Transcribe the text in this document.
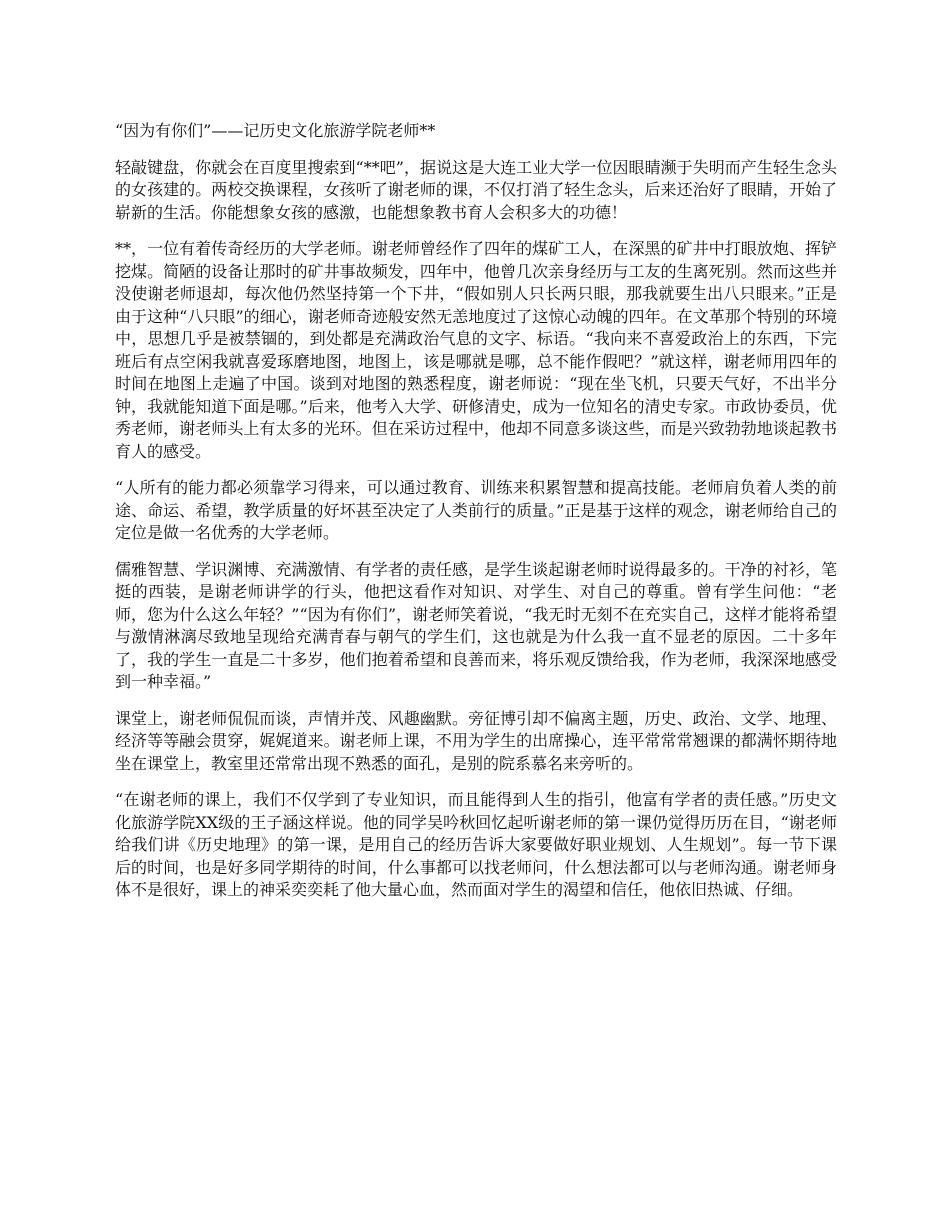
“因为有你们”——记历史文化旅游学院老师**

轻敲键盘，你就会在百度里搜索到“**吧”，据说这是大连工业大学一位因眼睛濒于失明而产生轻生念头的女孩建的。两校交换课程，女孩听了谢老师的课，不仅打消了轻生念头，后来还治好了眼睛，开始了崭新的生活。你能想象女孩的感激，也能想象教书育人会积多大的功德！

**，一位有着传奇经历的大学老师。谢老师曾经作了四年的煤矿工人，在深黑的矿井中打眼放炮、挥铲挖煤。简陋的设备让那时的矿井事故频发，四年中，他曾几次亲身经历与工友的生离死别。然而这些并没使谢老师退却，每次他仍然坚持第一个下井，“假如别人只长两只眼，那我就要生出八只眼来。”正是由于这种“八只眼”的细心，谢老师奇迹般安然无恙地度过了这惊心动魄的四年。在文革那个特别的环境中，思想几乎是被禁锢的，到处都是充满政治气息的文字、标语。“我向来不喜爱政治上的东西，下完班后有点空闲我就喜爱琢磨地图，地图上，该是哪就是哪，总不能作假吧？”就这样，谢老师用四年的时间在地图上走遍了中国。谈到对地图的熟悉程度，谢老师说：“现在坐飞机，只要天气好，不出半分钟，我就能知道下面是哪。”后来，他考入大学、研修清史，成为一位知名的清史专家。市政协委员，优秀老师，谢老师头上有太多的光环。但在采访过程中，他却不同意多谈这些，而是兴致勃勃地谈起教书育人的感受。

“人所有的能力都必须靠学习得来，可以通过教育、训练来积累智慧和提高技能。老师肩负着人类的前途、命运、希望，教学质量的好坏甚至决定了人类前行的质量。”正是基于这样的观念，谢老师给自己的定位是做一名优秀的大学老师。

儒雅智慧、学识渊博、充满激情、有学者的责任感，是学生谈起谢老师时说得最多的。干净的衬衫，笔挺的西装，是谢老师讲学的行头，他把这看作对知识、对学生、对自己的尊重。曾有学生问他：“老师，您为什么这么年轻？”“因为有你们”，谢老师笑着说，“我无时无刻不在充实自己，这样才能将希望与激情淋漓尽致地呈现给充满青春与朝气的学生们，这也就是为什么我一直不显老的原因。二十多年了，我的学生一直是二十多岁，他们抱着希望和良善而来，将乐观反馈给我，作为老师，我深深地感受到一种幸福。”

课堂上，谢老师侃侃而谈，声情并茂、风趣幽默。旁征博引却不偏离主题，历史、政治、文学、地理、经济等等融会贯穿，娓娓道来。谢老师上课，不用为学生的出席操心，连平常常常翘课的都满怀期待地坐在课堂上，教室里还常常出现不熟悉的面孔，是别的院系慕名来旁听的。

“在谢老师的课上，我们不仅学到了专业知识，而且能得到人生的指引，他富有学者的责任感。”历史文化旅游学院XX级的王子涵这样说。他的同学吴吟秋回忆起听谢老师的第一课仍觉得历历在目，“谢老师给我们讲《历史地理》的第一课，是用自己的经历告诉大家要做好职业规划、人生规划”。每一节下课后的时间，也是好多同学期待的时间，什么事都可以找老师问，什么想法都可以与老师沟通。谢老师身体不是很好，课上的神采奕奕耗了他大量心血，然而面对学生的渴望和信任，他依旧热诚、仔细。
